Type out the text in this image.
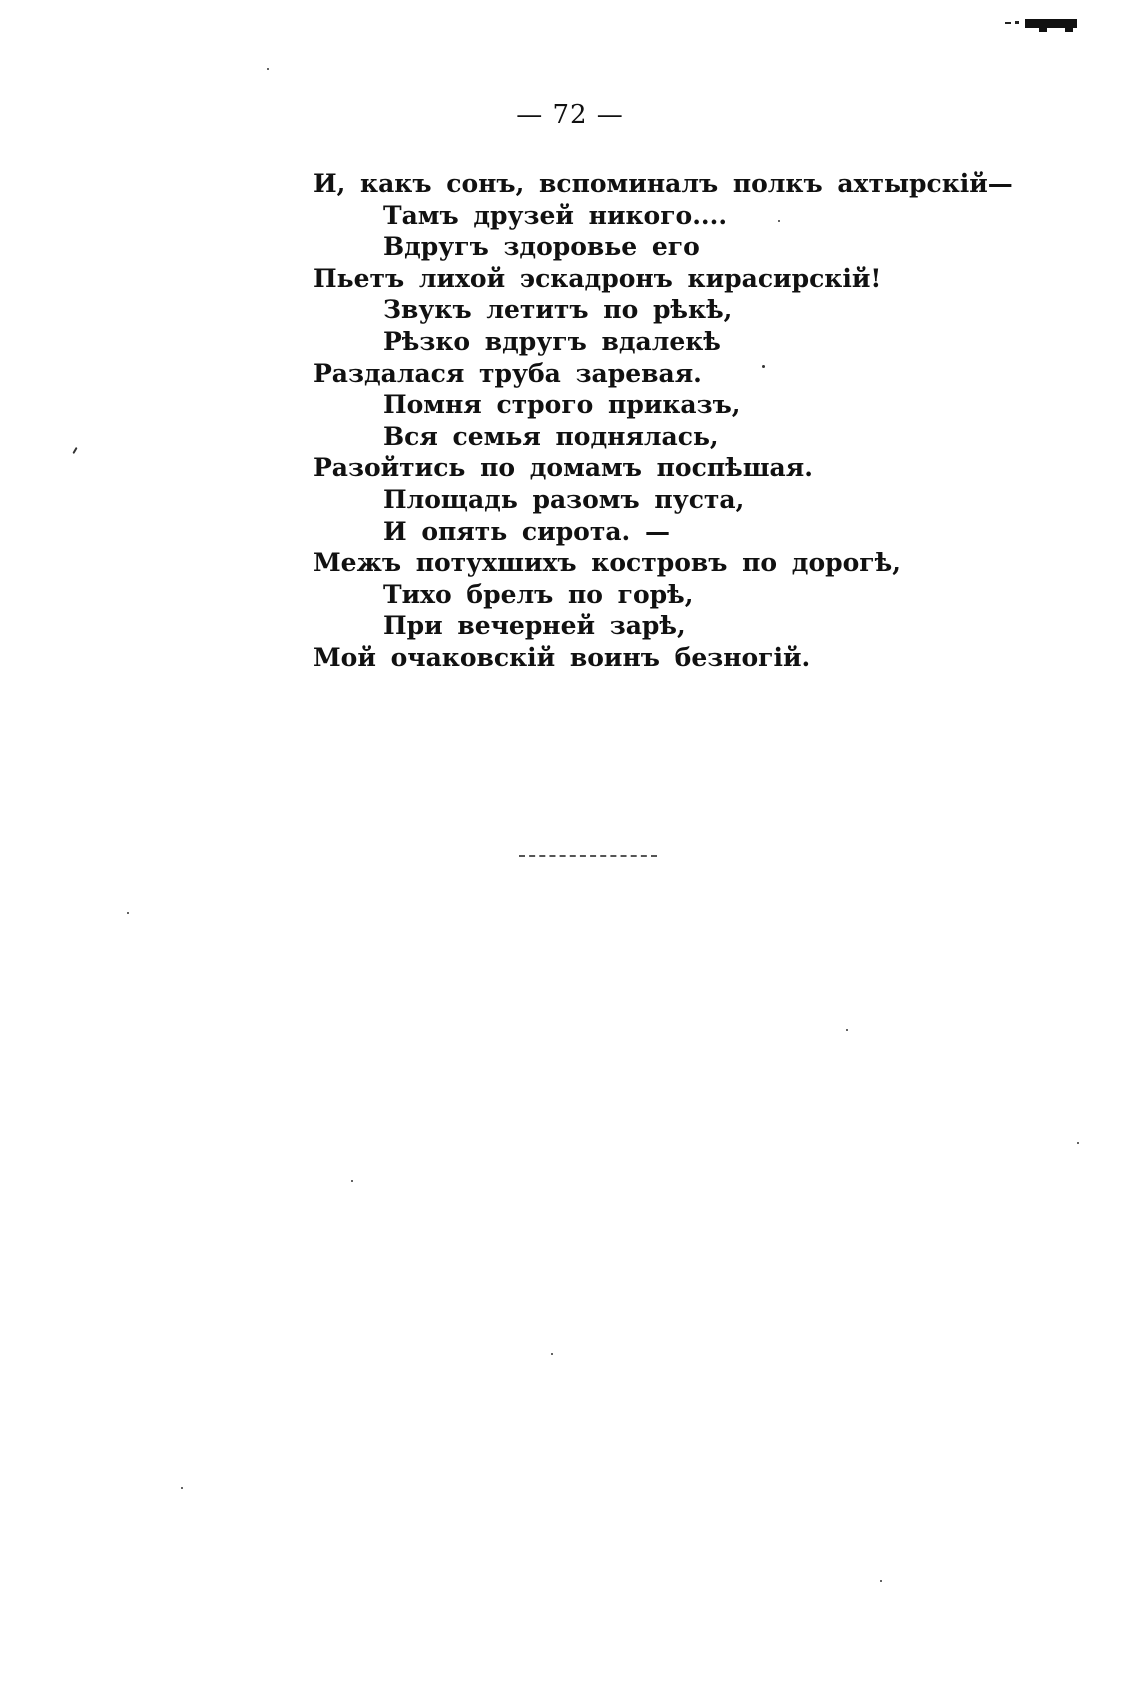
— 72 —
И, какъ сонъ, вспоминалъ полкъ ахтырскій—
Тамъ друзей никого....
Вдругъ здоровье его
Пьетъ лихой эскадронъ кирасирскій!
Звукъ летитъ по рѣкѣ,
Рѣзко вдругъ вдалекѣ
Раздалася труба заревая.
Помня строго приказъ,
Вся семья поднялась,
Разойтись по домамъ поспѣшая.
Площадь разомъ пуста,
И опять сирота. —
Межъ потухшихъ костровъ по дорогѣ,
Тихо брелъ по горѣ,
При вечерней зарѣ,
Мой очаковскій воинъ безногій.
